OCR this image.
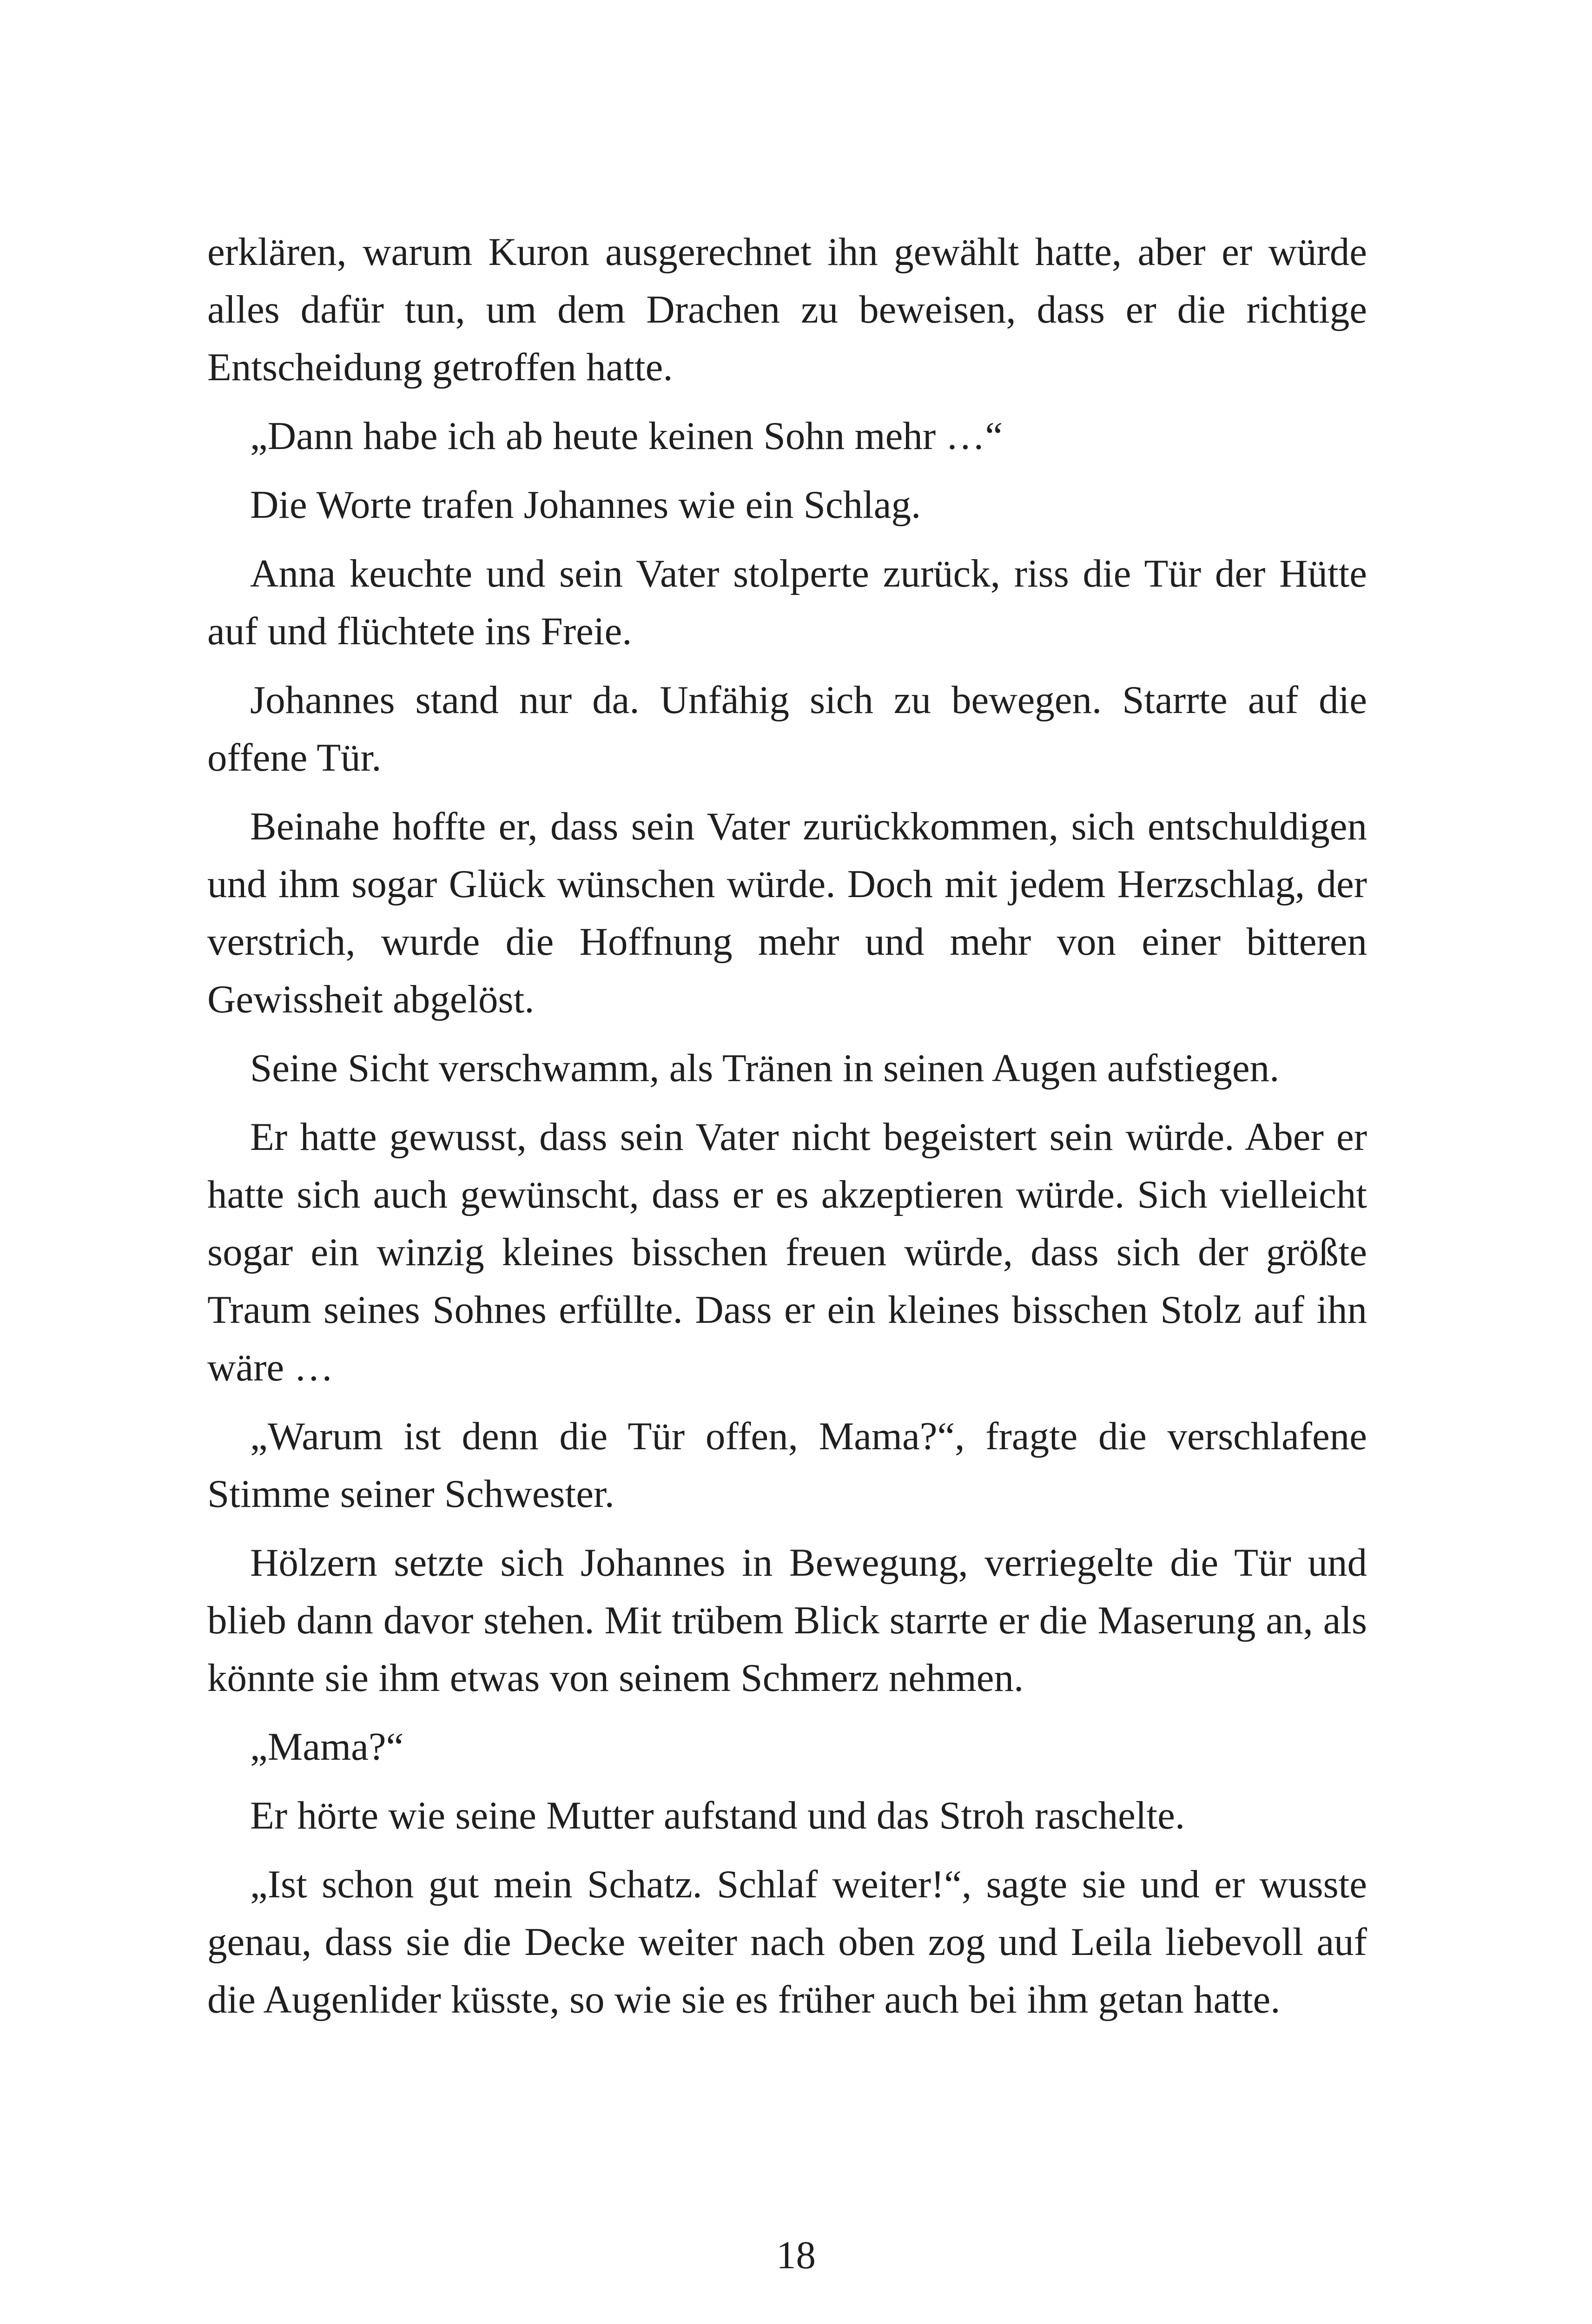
erklären, warum Kuron ausgerechnet ihn gewählt hatte, aber er würde alles dafür tun, um dem Drachen zu beweisen, dass er die richtige Entscheidung getroffen hatte.

„Dann habe ich ab heute keinen Sohn mehr …“

Die Worte trafen Johannes wie ein Schlag.

Anna keuchte und sein Vater stolperte zurück, riss die Tür der Hütte auf und flüchtete ins Freie.

Johannes stand nur da. Unfähig sich zu bewegen. Starrte auf die offene Tür.

Beinahe hoffte er, dass sein Vater zurückkommen, sich entschuldigen und ihm sogar Glück wünschen würde. Doch mit jedem Herzschlag, der verstrich, wurde die Hoffnung mehr und mehr von einer bitteren Gewissheit abgelöst.

Seine Sicht verschwamm, als Tränen in seinen Augen aufstiegen.

Er hatte gewusst, dass sein Vater nicht begeistert sein würde. Aber er hatte sich auch gewünscht, dass er es akzeptieren würde. Sich vielleicht sogar ein winzig kleines bisschen freuen würde, dass sich der größte Traum seines Sohnes erfüllte. Dass er ein kleines bisschen Stolz auf ihn wäre …

„Warum ist denn die Tür offen, Mama?“, fragte die verschlafene Stimme seiner Schwester.

Hölzern setzte sich Johannes in Bewegung, verriegelte die Tür und blieb dann davor stehen. Mit trübem Blick starrte er die Maserung an, als könnte sie ihm etwas von seinem Schmerz nehmen.

„Mama?“

Er hörte wie seine Mutter aufstand und das Stroh raschelte.

„Ist schon gut mein Schatz. Schlaf weiter!“, sagte sie und er wusste genau, dass sie die Decke weiter nach oben zog und Leila liebevoll auf die Augenlider küsste, so wie sie es früher auch bei ihm getan hatte.

18
